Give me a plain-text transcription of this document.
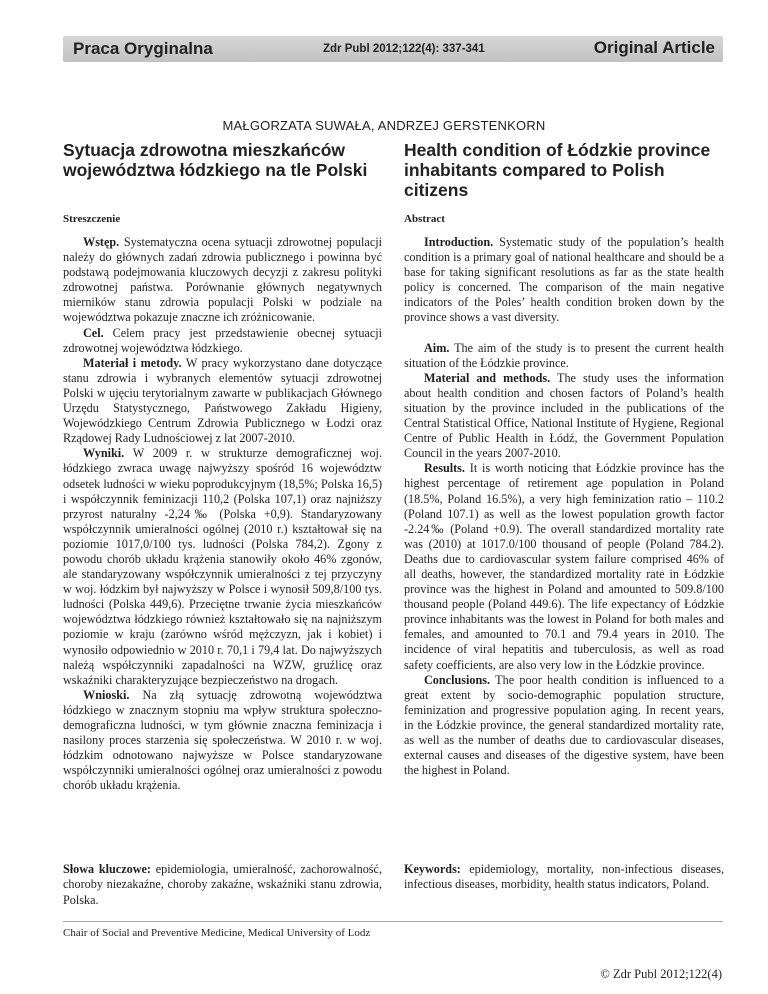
Praca Oryginalna	Zdr Publ 2012;122(4): 337-341	Original Article
MAŁGORZATA SUWAŁA, ANDRZEJ GERSTENKORN
Sytuacja zdrowotna mieszkańców województwa łódzkiego na tle Polski
Health condition of Łódzkie province inhabitants compared to Polish citizens
Streszczenie	Abstract

Wstęp. Systematyczna ocena sytuacji zdrowotnej populacji należy do głównych zadań zdrowia publicznego i powinna być podstawą podejmowania kluczowych decyzji z zakresu polityki zdrowotnej państwa. Porównanie głównych negatywnych mierników stanu zdrowia populacji Polski w podziale na województwa pokazuje znaczne ich zróżnicowanie.

Cel. Celem pracy jest przedstawienie obecnej sytuacji zdrowotnej województwa łódzkiego.

Materiał i metody. W pracy wykorzystano dane dotyczące stanu zdrowia i wybranych elementów sytuacji zdrowotnej Polski w ujęciu terytorialnym zawarte w publikacjach Głównego Urzędu Statystycznego, Państwowego Zakładu Higieny, Wojewódzkiego Centrum Zdrowia Publicznego w Łodzi oraz Rządowej Rady Ludnościowej z lat 2007-2010.

Wyniki. W 2009 r. w strukturze demograficznej woj. łódzkiego zwraca uwagę najwyższy spośród 16 województw odsetek ludności w wieku poprodukcyjnym (18,5%; Polska 16,5) i współczynnik feminizacji 110,2 (Polska 107,1) oraz najniższy przyrost naturalny -2,24‰ (Polska +0,9). Standaryzowany współczynnik umieralności ogólnej (2010 r.) kształtował się na poziomie 1017,0/100 tys. ludności (Polska 784,2). Zgony z powodu chorób układu krążenia stanowiły około 46% zgonów, ale standaryzowany współczynnik umieralności z tej przyczyny w woj. łódzkim był najwyższy w Polsce i wynosił 509,8/100 tys. ludności (Polska 449,6). Przeciętne trwanie życia mieszkańców województwa łódzkiego również kształtowało się na najniższym poziomie w kraju (zarówno wśród mężczyzn, jak i kobiet) i wynosiło odpowiednio w 2010 r. 70,1 i 79,4 lat. Do najwyższych należą współczynniki zapadalności na WZW, gruźlicę oraz wskaźniki charakteryzujące bezpieczeństwo na drogach.

Wnioski. Na złą sytuację zdrowotną województwa łódzkiego w znacznym stopniu ma wpływ struktura społeczno-demograficzna ludności, w tym głównie znaczna feminizacja i nasilony proces starzenia się społeczeństwa. W 2010 r. w woj. łódzkim odnotowano najwyższe w Polsce standaryzowane współczynniki umieralności ogólnej oraz umieralności z powodu chorób układu krążenia.

Introduction. Systematic study of the population’s health condition is a primary goal of national healthcare and should be a base for taking significant resolutions as far as the state health policy is concerned. The comparison of the main negative indicators of the Poles’ health condition broken down by the province shows a vast diversity.

Aim. The aim of the study is to present the current health situation of the Łódzkie province.

Material and methods. The study uses the information about health condition and chosen factors of Poland’s health situation by the province included in the publications of the Central Statistical Office, National Institute of Hygiene, Regional Centre of Public Health in Łódź, the Government Population Council in the years 2007-2010.

Results. It is worth noticing that Łódzkie province has the highest percentage of retirement age population in Poland (18.5%, Poland 16.5%), a very high feminization ratio – 110.2 (Poland 107.1) as well as the lowest population growth factor -2.24‰ (Poland +0.9). The overall standardized mortality rate was (2010) at 1017.0/100 thousand of people (Poland 784.2). Deaths due to cardiovascular system failure comprised 46% of all deaths, however, the standardized mortality rate in Łódzkie province was the highest in Poland and amounted to 509.8/100 thousand people (Poland 449.6). The life expectancy of Łódzkie province inhabitants was the lowest in Poland for both males and females, and amounted to 70.1 and 79.4 years in 2010. The incidence of viral hepatitis and tuberculosis, as well as road safety coefficients, are also very low in the Łódzkie province.

Conclusions. The poor health condition is influenced to a great extent by socio-demographic population structure, feminization and progressive population aging. In recent years, in the Łódzkie province, the general standardized mortality rate, as well as the number of deaths due to cardiovascular diseases, external causes and diseases of the digestive system, have been the highest in Poland.

Słowa kluczowe: epidemiologia, umieralność, zachorowalność, choroby niezakaźne, choroby zakaźne, wskaźniki stanu zdrowia, Polska.
Keywords: epidemiology, mortality, non-infectious diseases, infectious diseases, morbidity, health status indicators, Poland.
Chair of Social and Preventive Medicine, Medical University of Lodz
© Zdr Publ 2012;122(4)
